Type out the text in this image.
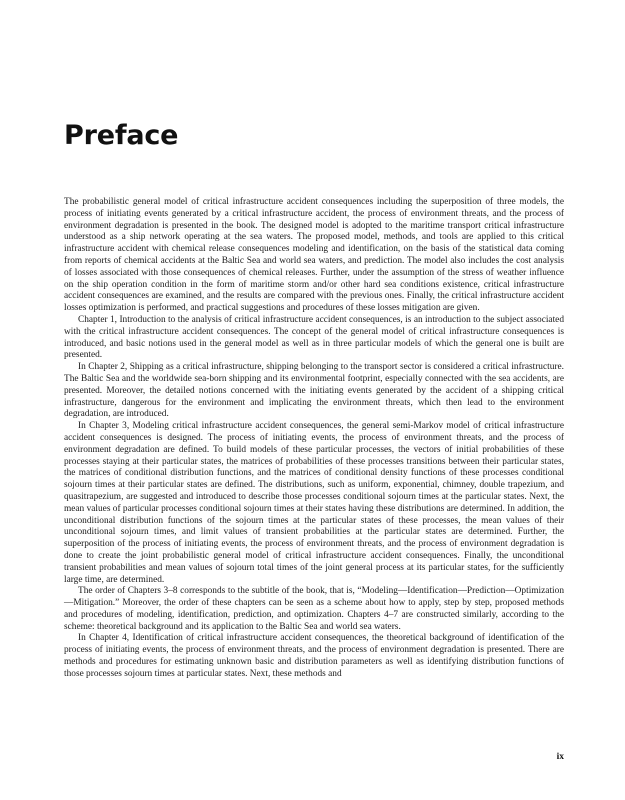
Preface

The probabilistic general model of critical infrastructure accident consequences including the superposition of three models, the process of initiating events generated by a critical infrastructure accident, the process of environment threats, and the process of environment degradation is presented in the book. The designed model is adopted to the maritime transport critical infrastructure understood as a ship network operating at the sea waters. The proposed model, methods, and tools are applied to this critical infrastructure accident with chemical release consequences modeling and identification, on the basis of the statistical data coming from reports of chemical accidents at the Baltic Sea and world sea waters, and prediction. The model also includes the cost analysis of losses associated with those consequences of chemical releases. Further, under the assumption of the stress of weather influence on the ship operation condition in the form of maritime storm and/or other hard sea conditions existence, critical infrastructure accident consequences are examined, and the results are compared with the previous ones. Finally, the critical infrastructure accident losses optimization is performed, and practical suggestions and procedures of these losses mitigation are given.

Chapter 1, Introduction to the analysis of critical infrastructure accident consequences, is an introduction to the subject associated with the critical infrastructure accident consequences. The concept of the general model of critical infrastructure consequences is introduced, and basic notions used in the general model as well as in three particular models of which the general one is built are presented.

In Chapter 2, Shipping as a critical infrastructure, shipping belonging to the transport sector is considered a critical infrastructure. The Baltic Sea and the worldwide sea-born shipping and its environmental footprint, especially connected with the sea accidents, are presented. Moreover, the detailed notions concerned with the initiating events generated by the accident of a shipping critical infrastructure, dangerous for the environment and implicating the environment threats, which then lead to the environment degradation, are introduced.

In Chapter 3, Modeling critical infrastructure accident consequences, the general semi-Markov model of critical infrastructure accident consequences is designed. The process of initiating events, the process of environment threats, and the process of environment degradation are defined. To build models of these particular processes, the vectors of initial probabilities of these processes staying at their particular states, the matrices of probabilities of these processes transitions between their particular states, the matrices of conditional distribution functions, and the matrices of conditional density functions of these processes conditional sojourn times at their particular states are defined. The distributions, such as uniform, exponential, chimney, double trapezium, and quasitrapezium, are suggested and introduced to describe those processes conditional sojourn times at the particular states. Next, the mean values of particular processes conditional sojourn times at their states having these distributions are determined. In addition, the unconditional distribution functions of the sojourn times at the particular states of these processes, the mean values of their unconditional sojourn times, and limit values of transient probabilities at the particular states are determined. Further, the superposition of the process of initiating events, the process of environment threats, and the process of environment degradation is done to create the joint probabilistic general model of critical infrastructure accident consequences. Finally, the unconditional transient probabilities and mean values of sojourn total times of the joint general process at its particular states, for the sufficiently large time, are determined.

The order of Chapters 3–8 corresponds to the subtitle of the book, that is, “Modeling—Identification—Prediction—Optimization—Mitigation.” Moreover, the order of these chapters can be seen as a scheme about how to apply, step by step, proposed methods and procedures of modeling, identification, prediction, and optimization. Chapters 4–7 are constructed similarly, according to the scheme: theoretical background and its application to the Baltic Sea and world sea waters.

In Chapter 4, Identification of critical infrastructure accident consequences, the theoretical background of identification of the process of initiating events, the process of environment threats, and the process of environment degradation is presented. There are methods and procedures for estimating unknown basic and distribution parameters as well as identifying distribution functions of those processes sojourn times at particular states. Next, these methods and

ix
